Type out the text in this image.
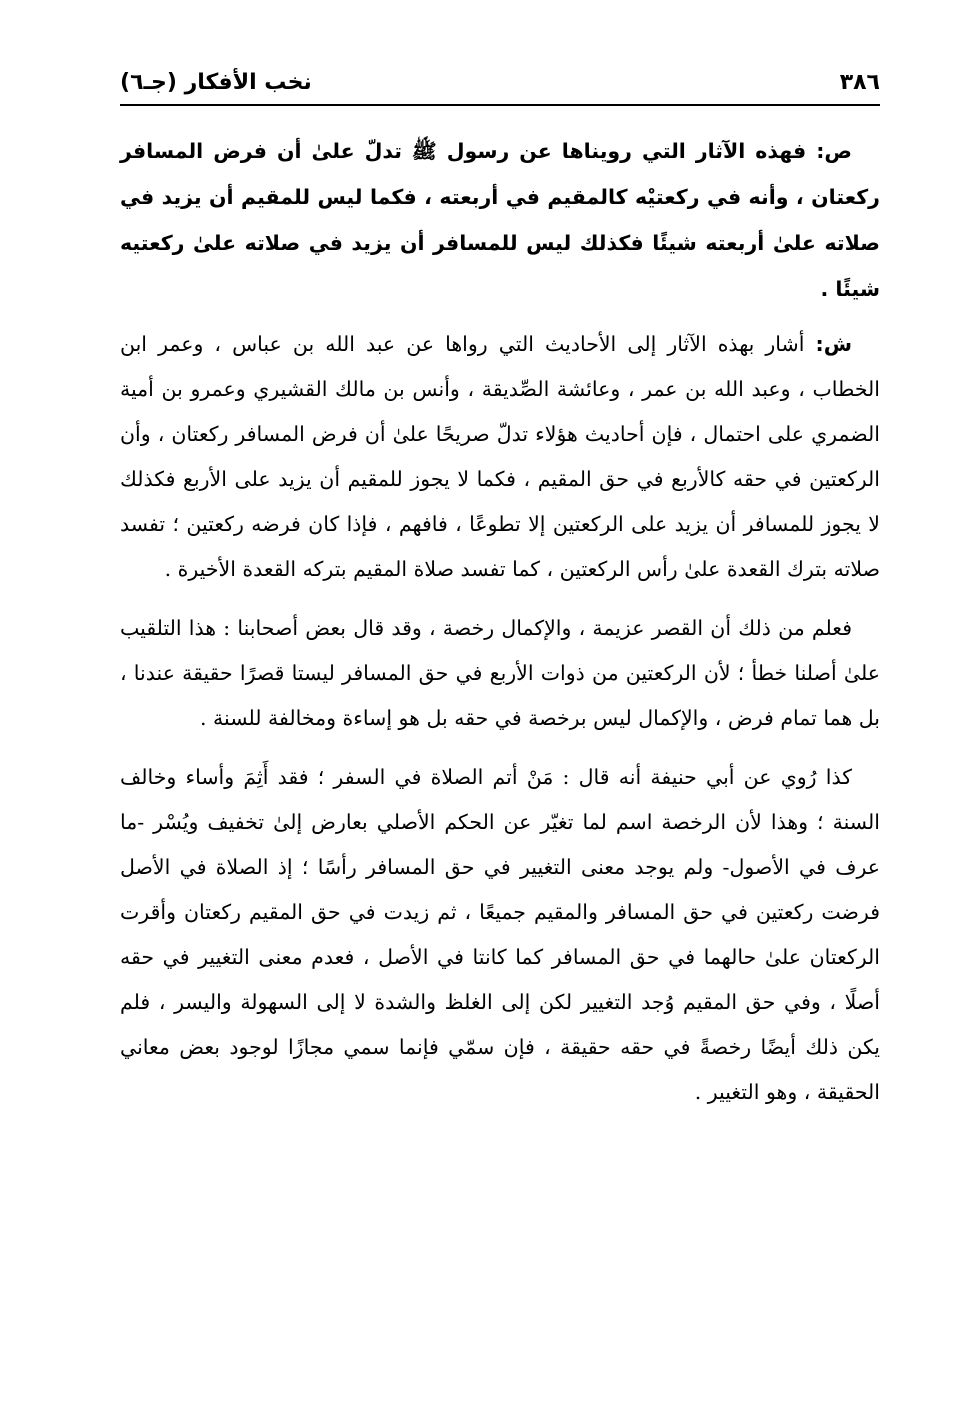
٣٨٦
نخب الأفكار (جـ٦)

ص: فهذه الآثار التي رويناها عن رسول ﷺ تدلّ علىٰ أن فرض المسافر ركعتان ، وأنه في ركعتيْه كالمقيم في أربعته ، فكما ليس للمقيم أن يزيد في صلاته علىٰ أربعته شيئًا فكذلك ليس للمسافر أن يزيد في صلاته علىٰ ركعتيه شيئًا .

ش: أشار بهذه الآثار إلى الأحاديث التي رواها عن عبد الله بن عباس ، وعمر ابن الخطاب ، وعبد الله بن عمر ، وعائشة الصِّديقة ، وأنس بن مالك القشيري وعمرو بن أمية الضمري على احتمال ، فإن أحاديث هؤلاء تدلّ صريحًا علىٰ أن فرض المسافر ركعتان ، وأن الركعتين في حقه كالأربع في حق المقيم ، فكما لا يجوز للمقيم أن يزيد على الأربع فكذلك لا يجوز للمسافر أن يزيد على الركعتين إلا تطوعًا ، فافهم ، فإذا كان فرضه ركعتين ؛ تفسد صلاته بترك القعدة علىٰ رأس الركعتين ، كما تفسد صلاة المقيم بتركه القعدة الأخيرة .

فعلم من ذلك أن القصر عزيمة ، والإكمال رخصة ، وقد قال بعض أصحابنا : هذا التلقيب علىٰ أصلنا خطأ ؛ لأن الركعتين من ذوات الأربع في حق المسافر ليستا قصرًا حقيقة عندنا ، بل هما تمام فرض ، والإكمال ليس برخصة في حقه بل هو إساءة ومخالفة للسنة .

كذا رُوي عن أبي حنيفة أنه قال : مَنْ أتم الصلاة في السفر ؛ فقد أَثِمَ وأساء وخالف السنة ؛ وهذا لأن الرخصة اسم لما تغيّر عن الحكم الأصلي بعارض إلىٰ تخفيف ويُسْر -ما عرف في الأصول- ولم يوجد معنى التغيير في حق المسافر رأسًا ؛ إذ الصلاة في الأصل فرضت ركعتين في حق المسافر والمقيم جميعًا ، ثم زيدت في حق المقيم ركعتان وأقرت الركعتان علىٰ حالهما في حق المسافر كما كانتا في الأصل ، فعدم معنى التغيير في حقه أصلًا ، وفي حق المقيم وُجد التغيير لكن إلى الغلظ والشدة لا إلى السهولة واليسر ، فلم يكن ذلك أيضًا رخصةً في حقه حقيقة ، فإن سمّي فإنما سمي مجازًا لوجود بعض معاني الحقيقة ، وهو التغيير .
